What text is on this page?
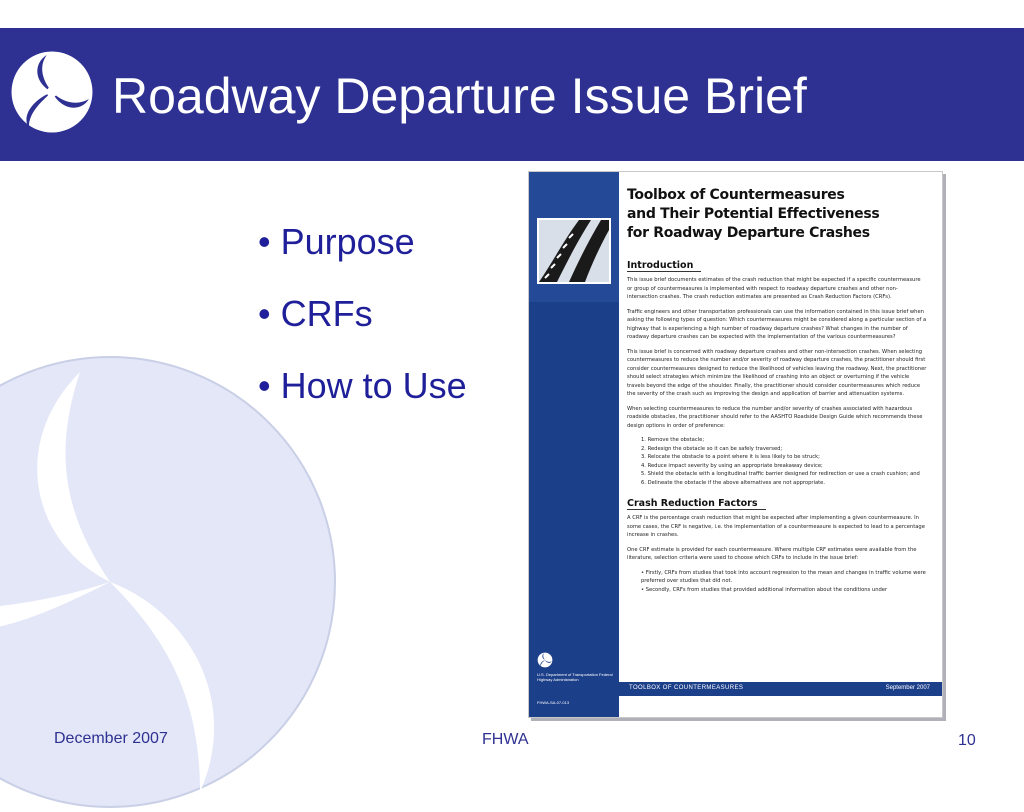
Roadway Departure Issue Brief
• Purpose
• CRFs
• How to Use
Toolbox of Countermeasures
and Their Potential Effectiveness
for Roadway Departure Crashes
Introduction

This issue brief documents estimates of the crash reduction that might be expected if a specific countermeasure or group of countermeasures is implemented with respect to roadway departure crashes and other non-intersection crashes. The crash reduction estimates are presented as Crash Reduction Factors (CRFs).

Traffic engineers and other transportation professionals can use the information contained in this issue brief when asking the following types of question: Which countermeasures might be considered along a particular section of a highway that is experiencing a high number of roadway departure crashes? What changes in the number of roadway departure crashes can be expected with the implementation of the various countermeasures?

This issue brief is concerned with roadway departure crashes and other non-intersection crashes. When selecting countermeasures to reduce the number and/or severity of roadway departure crashes, the practitioner should first consider countermeasures designed to reduce the likelihood of vehicles leaving the roadway. Next, the practitioner should select strategies which minimize the likelihood of crashing into an object or overturning if the vehicle travels beyond the edge of the shoulder. Finally, the practitioner should consider countermeasures which reduce the severity of the crash such as improving the design and application of barrier and attenuation systems.

When selecting countermeasures to reduce the number and/or severity of crashes associated with hazardous roadside obstacles, the practitioner should refer to the AASHTO Roadside Design Guide which recommends these design options in order of preference:

1. Remove the obstacle;
2. Redesign the obstacle so it can be safely traversed;
3. Relocate the obstacle to a point where it is less likely to be struck;
4. Reduce impact severity by using an appropriate breakaway device;
5. Shield the obstacle with a longitudinal traffic barrier designed for redirection or use a crash cushion; and
6. Delineate the obstacle if the above alternatives are not appropriate.
Crash Reduction Factors

A CRF is the percentage crash reduction that might be expected after implementing a given countermeasure. In some cases, the CRF is negative, i.e. the implementation of a countermeasure is expected to lead to a percentage increase in crashes.

One CRF estimate is provided for each countermeasure. Where multiple CRF estimates were available from the literature, selection criteria were used to choose which CRFs to include in the issue brief:

• Firstly, CRFs from studies that took into account regression to the mean and changes in traffic volume were preferred over studies that did not.
• Secondly, CRFs from studies that provided additional information about the conditions under
U.S. Department of Transportation Federal Highway Administration
FHWA-SA-07-013
TOOLBOX OF COUNTERMEASURES	September 2007
December 2007	FHWA	10
